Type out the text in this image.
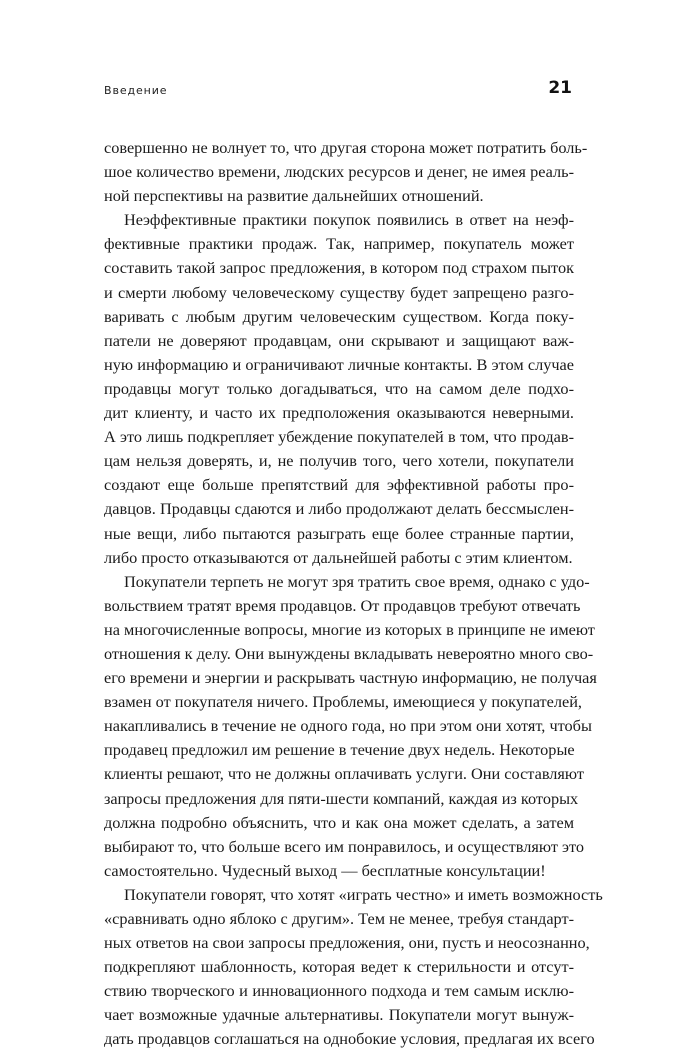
Введение	21
совершенно не волнует то, что другая сторона может потратить боль-
шое количество времени, людских ресурсов и денег, не имея реаль-
ной перспективы на развитие дальнейших отношений.
Неэффективные практики покупок появились в ответ на неэф-
фективные практики продаж. Так, например, покупатель может
составить такой запрос предложения, в котором под страхом пыток
и смерти любому человеческому существу будет запрещено разго-
варивать с любым другим человеческим существом. Когда поку-
патели не доверяют продавцам, они скрывают и защищают важ-
ную информацию и ограничивают личные контакты. В этом случае
продавцы могут только догадываться, что на самом деле подхо-
дит клиенту, и часто их предположения оказываются неверными.
А это лишь подкрепляет убеждение покупателей в том, что продав-
цам нельзя доверять, и, не получив того, чего хотели, покупатели
создают еще больше препятствий для эффективной работы про-
давцов. Продавцы сдаются и либо продолжают делать бессмыслен-
ные вещи, либо пытаются разыграть еще более странные партии,
либо просто отказываются от дальнейшей работы с этим клиентом.
Покупатели терпеть не могут зря тратить свое время, однако с удо-
вольствием тратят время продавцов. От продавцов требуют отвечать
на многочисленные вопросы, многие из которых в принципе не имеют
отношения к делу. Они вынуждены вкладывать невероятно много сво-
его времени и энергии и раскрывать частную информацию, не получая
взамен от покупателя ничего. Проблемы, имеющиеся у покупателей,
накапливались в течение не одного года, но при этом они хотят, чтобы
продавец предложил им решение в течение двух недель. Некоторые
клиенты решают, что не должны оплачивать услуги. Они составляют
запросы предложения для пяти-шести компаний, каждая из которых
должна подробно объяснить, что и как она может сделать, а затем
выбирают то, что больше всего им понравилось, и осуществляют это
самостоятельно. Чудесный выход — бесплатные консультации!
Покупатели говорят, что хотят «играть честно» и иметь возможность
«сравнивать одно яблоко с другим». Тем не менее, требуя стандарт-
ных ответов на свои запросы предложения, они, пусть и неосознанно,
подкрепляют шаблонность, которая ведет к стерильности и отсут-
ствию творческого и инновационного подхода и тем самым исклю-
чает возможные удачные альтернативы. Покупатели могут вынуж-
дать продавцов соглашаться на однобокие условия, предлагая их всего
